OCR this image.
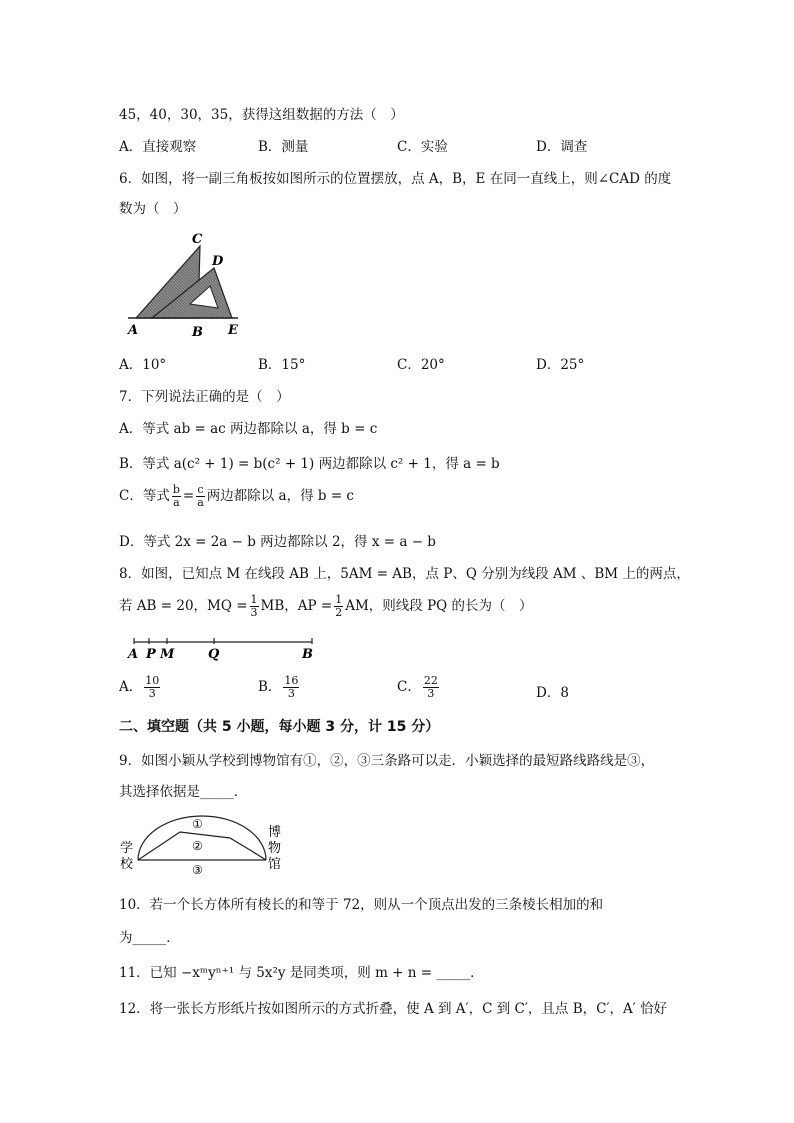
45，40，30，35，获得这组数据的方法（　）
A．直接观察	B．测量	C．实验	D．调查
6．如图，将一副三角板按如图所示的位置摆放，点 A，B，E 在同一直线上，则∠CAD 的度
数为（　）
C
D
A	B E
A．10°	B．15°	C．20°	D．25°
7．下列说法正确的是（　）
A．等式 ab = ac 两边都除以 a，得 b = c
B．等式 a(c² + 1) = b(c² + 1) 两边都除以 c² + 1，得 a = b
C．等式 $\frac{b}{a} = \frac{c}{a}$ 两边都除以 a，得 b = c
D．等式 2x = 2a − b 两边都除以 2，得 x = a − b
8．如图，已知点 M 在线段 AB 上，5AM = AB，点 P、Q 分别为线段 AM 、BM 上的两点，
若 AB = 20，MQ = $\frac{1}{3}$ MB，AP = $\frac{1}{2}$ AM，则线段 PQ 的长为（　）
A P M	Q	B
A． $\frac{10}{3}$	B． $\frac{16}{3}$	C． $\frac{22}{3}$	D．8
二、填空题（共 5 小题，每小题 3 分，计 15 分）
9．如图小颖从学校到博物馆有①，②，③三条路可以走．小颖选择的最短路线路线是③，
其选择依据是_____．
①
②
③
学
校
博
物
馆
10．若一个长方体所有棱长的和等于 72，则从一个顶点出发的三条棱长相加的和
为_____．
11．已知 −xᵐyⁿ⁺¹ 与 5x²y 是同类项，则 m + n = _____．
12．将一张长方形纸片按如图所示的方式折叠，使 A 到 A′，C 到 C′，且点 B，C′，A′ 恰好
